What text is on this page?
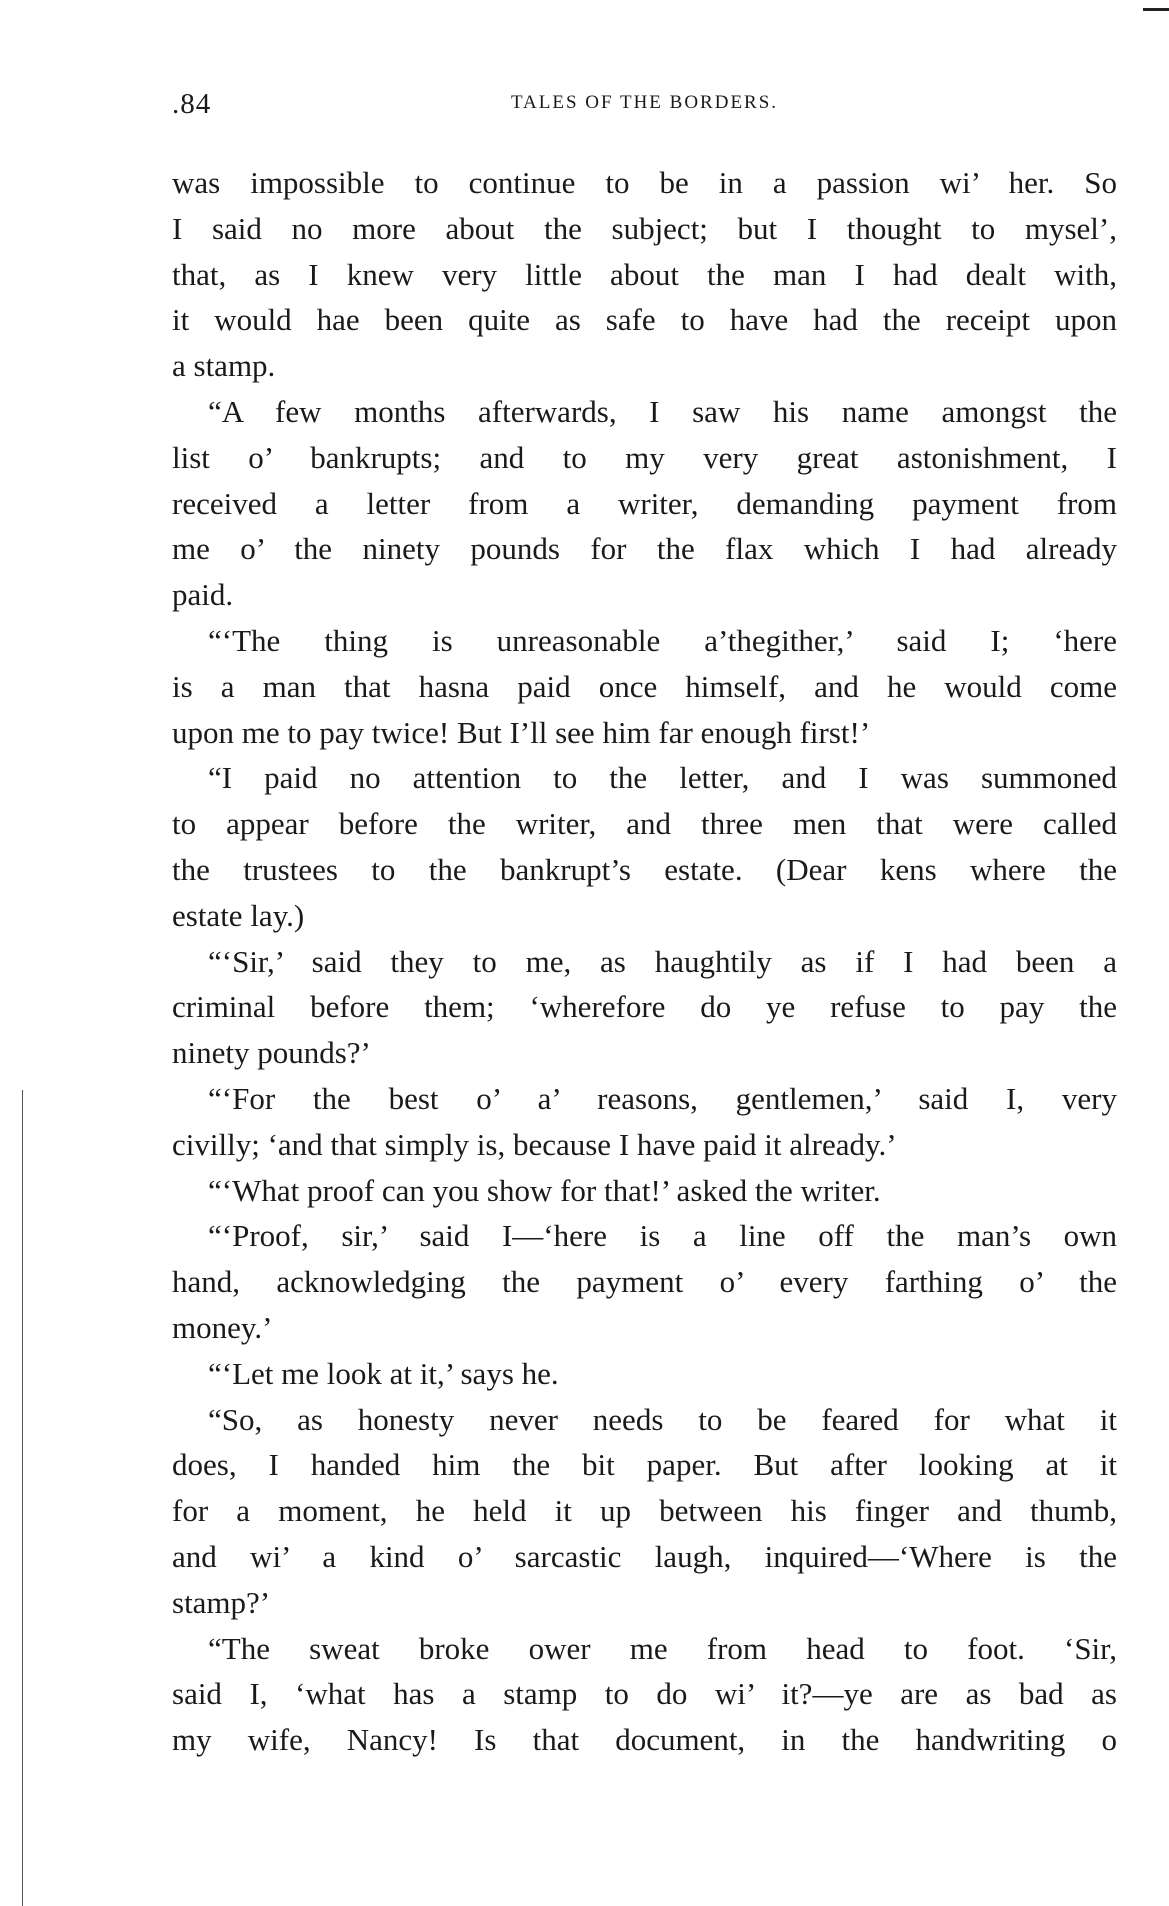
.84	TALES OF THE BORDERS.
was impossible to continue to be in a passion wi’ her. So
I said no more about the subject; but I thought to mysel’,
that, as I knew very little about the man I had dealt with,
it would hae been quite as safe to have had the receipt upon
a stamp.
“A few months afterwards, I saw his name amongst the
list o’ bankrupts; and to my very great astonishment, I
received a letter from a writer, demanding payment from
me o’ the ninety pounds for the flax which I had already
paid.
“‘The thing is unreasonable a’thegither,’ said I; ‘here
is a man that hasna paid once himself, and he would come
upon me to pay twice! But I’ll see him far enough first!’
“I paid no attention to the letter, and I was summoned
to appear before the writer, and three men that were called
the trustees to the bankrupt’s estate. (Dear kens where the
estate lay.)
“‘Sir,’ said they to me, as haughtily as if I had been a
criminal before them; ‘wherefore do ye refuse to pay the
ninety pounds?’
“‘For the best o’ a’ reasons, gentlemen,’ said I, very
civilly; ‘and that simply is, because I have paid it already.’
“‘What proof can you show for that!’ asked the writer.
“‘Proof, sir,’ said I—‘here is a line off the man’s own
hand, acknowledging the payment o’ every farthing o’ the
money.’
“‘Let me look at it,’ says he.
“So, as honesty never needs to be feared for what it
does, I handed him the bit paper. But after looking at it
for a moment, he held it up between his finger and thumb,
and wi’ a kind o’ sarcastic laugh, inquired—‘Where is the
stamp?’
“The sweat broke ower me from head to foot. ‘Sir,
said I, ‘what has a stamp to do wi’ it?—ye are as bad as
my wife, Nancy! Is that document, in the handwriting o
